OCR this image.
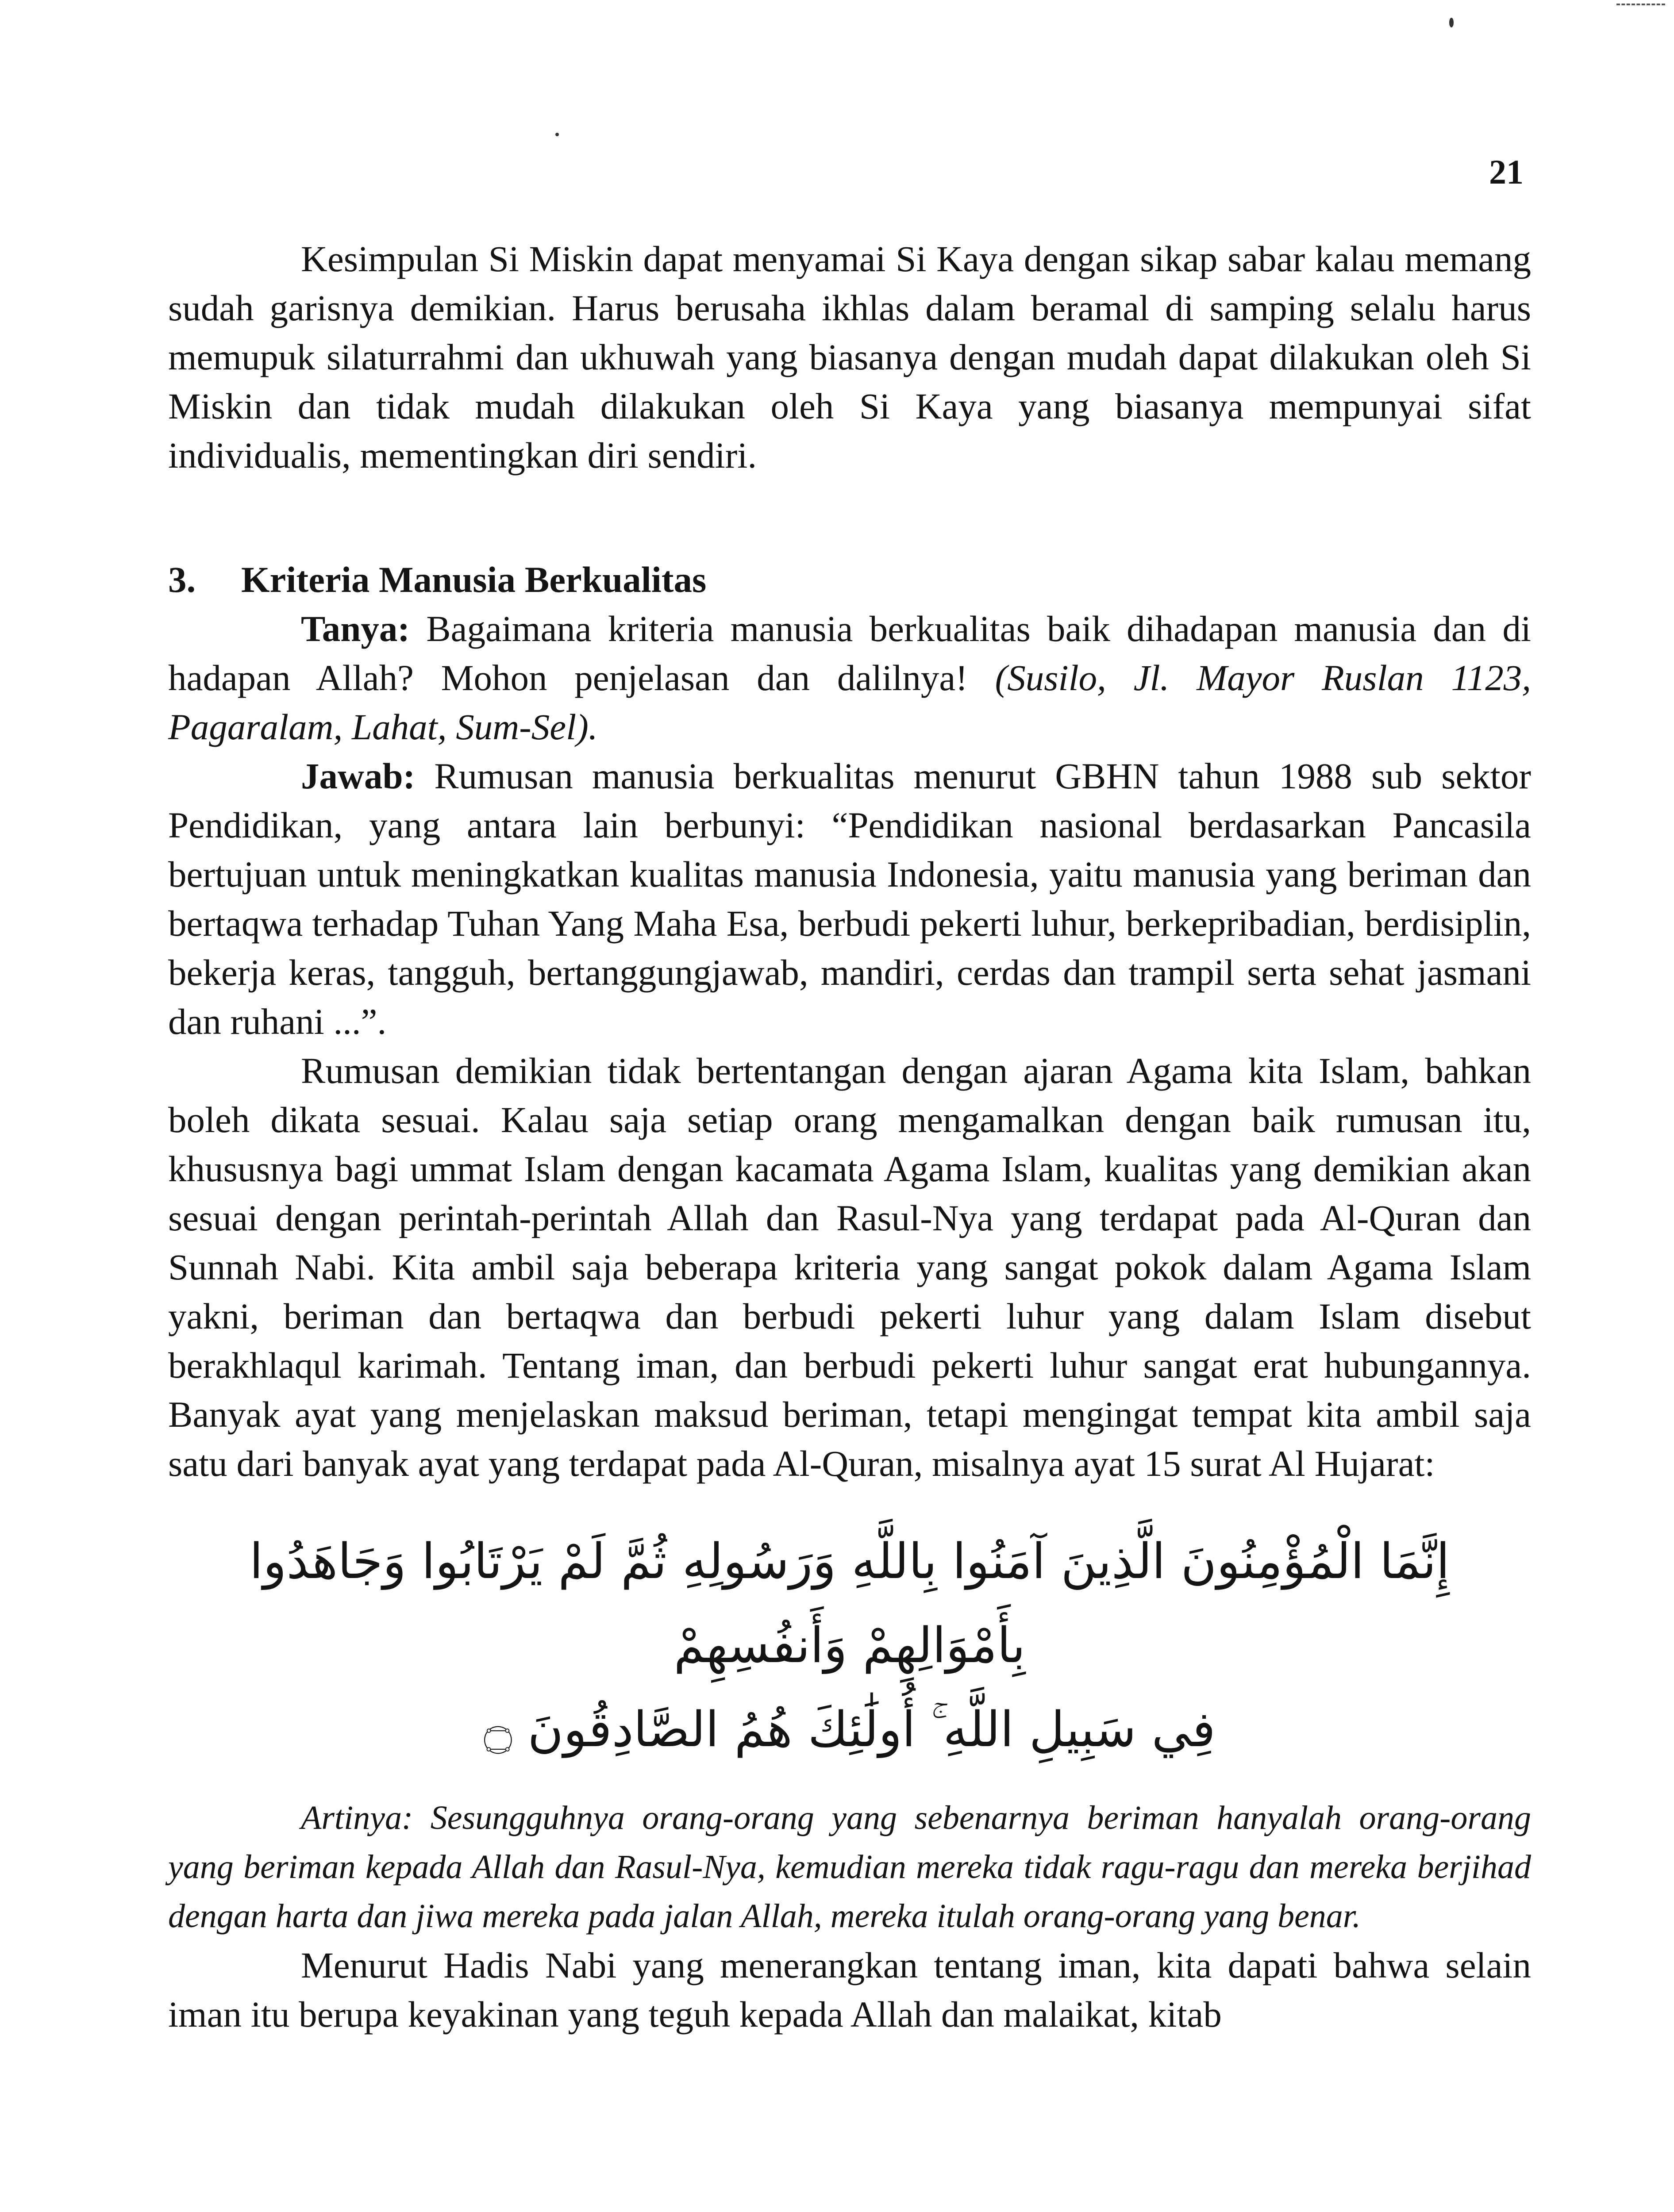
21

Kesimpulan Si Miskin dapat menyamai Si Kaya dengan sikap sabar kalau memang sudah garisnya demikian. Harus berusaha ikhlas dalam beramal di samping selalu harus memupuk silaturrahmi dan ukhuwah yang biasanya dengan mudah dapat dilakukan oleh Si Miskin dan tidak mudah dilakukan oleh Si Kaya yang biasanya mempunyai sifat individualis, mementingkan diri sendiri.

3. Kriteria Manusia Berkualitas

Tanya: Bagaimana kriteria manusia berkualitas baik dihadapan manusia dan di hadapan Allah? Mohon penjelasan dan dalilnya! (Susilo, Jl. Mayor Ruslan 1123, Pagaralam, Lahat, Sum-Sel).

Jawab: Rumusan manusia berkualitas menurut GBHN tahun 1988 sub sektor Pendidikan, yang antara lain berbunyi: “Pendidikan nasional berdasarkan Pancasila bertujuan untuk meningkatkan kualitas manusia Indonesia, yaitu manusia yang beriman dan bertaqwa terhadap Tuhan Yang Maha Esa, berbudi pekerti luhur, berkepribadian, berdisiplin, bekerja keras, tangguh, bertanggungjawab, mandiri, cerdas dan trampil serta sehat jasmani dan ruhani ...”.

Rumusan demikian tidak bertentangan dengan ajaran Agama kita Islam, bahkan boleh dikata sesuai. Kalau saja setiap orang mengamalkan dengan baik rumusan itu, khususnya bagi ummat Islam dengan kacamata Agama Islam, kualitas yang demikian akan sesuai dengan perintah-perintah Allah dan Rasul-Nya yang terdapat pada Al-Quran dan Sunnah Nabi. Kita ambil saja beberapa kriteria yang sangat pokok dalam Agama Islam yakni, beriman dan bertaqwa dan berbudi pekerti luhur yang dalam Islam disebut berakhlaqul karimah. Tentang iman, dan berbudi pekerti luhur sangat erat hubungannya. Banyak ayat yang menjelaskan maksud beriman, tetapi mengingat tempat kita ambil saja satu dari banyak ayat yang terdapat pada Al-Quran, misalnya ayat 15 surat Al Hujarat:

إِنَّمَا الْمُؤْمِنُونَ الَّذِينَ آمَنُوا بِاللَّهِ وَرَسُولِهِ ثُمَّ لَمْ يَرْتَابُوا وَجَاهَدُوا بِأَمْوَالِهِمْ وَأَنفُسِهِمْ
فِي سَبِيلِ اللَّهِ ۚ أُولَٰئِكَ هُمُ الصَّادِقُونَ ۝

Artinya: Sesungguhnya orang-orang yang sebenarnya beriman hanyalah orang-orang yang beriman kepada Allah dan Rasul-Nya, kemudian mereka tidak ragu-ragu dan mereka berjihad dengan harta dan jiwa mereka pada jalan Allah, mereka itulah orang-orang yang benar.

Menurut Hadis Nabi yang menerangkan tentang iman, kita dapati bahwa selain iman itu berupa keyakinan yang teguh kepada Allah dan malaikat, kitab
